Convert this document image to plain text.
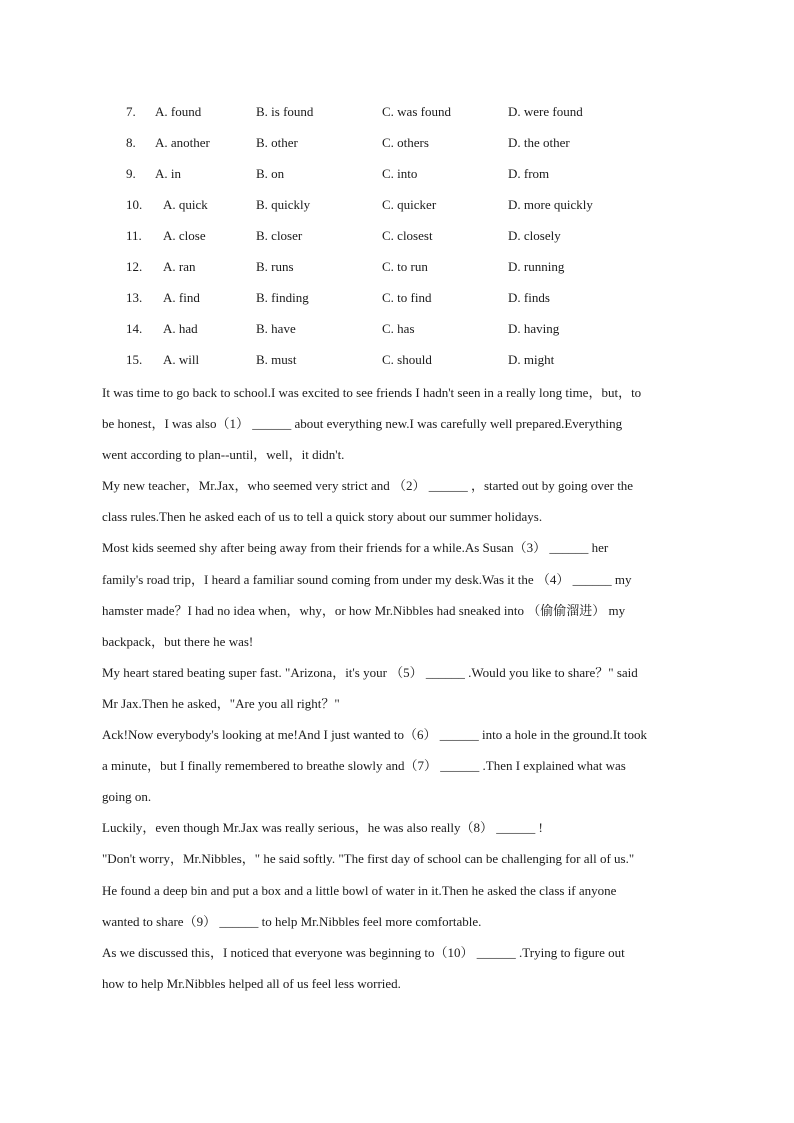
7. A. found	B. is found	C. was found	D. were found
8. A. another	B. other	C. others	D. the other
9. A. in	B. on	C. into	D. from
10. A. quick	B. quickly	C. quicker	D. more quickly
11. A. close	B. closer	C. closest	D. closely
12. A. ran	B. runs	C. to run	D. running
13. A. find	B. finding	C. to find	D. finds
14. A. had	B. have	C. has	D. having
15. A. will	B. must	C. should	D. might
It was time to go back to school.I was excited to see friends I hadn't seen in a really long time，but，to
be honest，I was also（1） ______ about everything new.I was carefully well prepared.Everything
went according to plan--until，well，it didn't.
My new teacher，Mr.Jax，who seemed very strict and （2） ______ ，started out by going over the
class rules.Then he asked each of us to tell a quick story about our summer holidays.
Most kids seemed shy after being away from their friends for a while.As Susan（3） ______ her
family's road trip，I heard a familiar sound coming from under my desk.Was it the （4） ______ my
hamster made？I had no idea when，why，or how Mr.Nibbles had sneaked into （偷偷溜进） my
backpack，but there he was!
My heart stared beating super fast. "Arizona，it's your （5） ______ .Would you like to share？" said
Mr Jax.Then he asked，"Are you all right？"
Ack!Now everybody's looking at me!And I just wanted to（6） ______ into a hole in the ground.It took
a minute，but I finally remembered to breathe slowly and（7） ______ .Then I explained what was
going on.
Luckily，even though Mr.Jax was really serious，he was also really（8） ______ !
"Don't worry，Mr.Nibbles，" he said softly. "The first day of school can be challenging for all of us."
He found a deep bin and put a box and a little bowl of water in it.Then he asked the class if anyone
wanted to share（9） ______ to help Mr.Nibbles feel more comfortable.
As we discussed this，I noticed that everyone was beginning to（10） ______ .Trying to figure out
how to help Mr.Nibbles helped all of us feel less worried.
